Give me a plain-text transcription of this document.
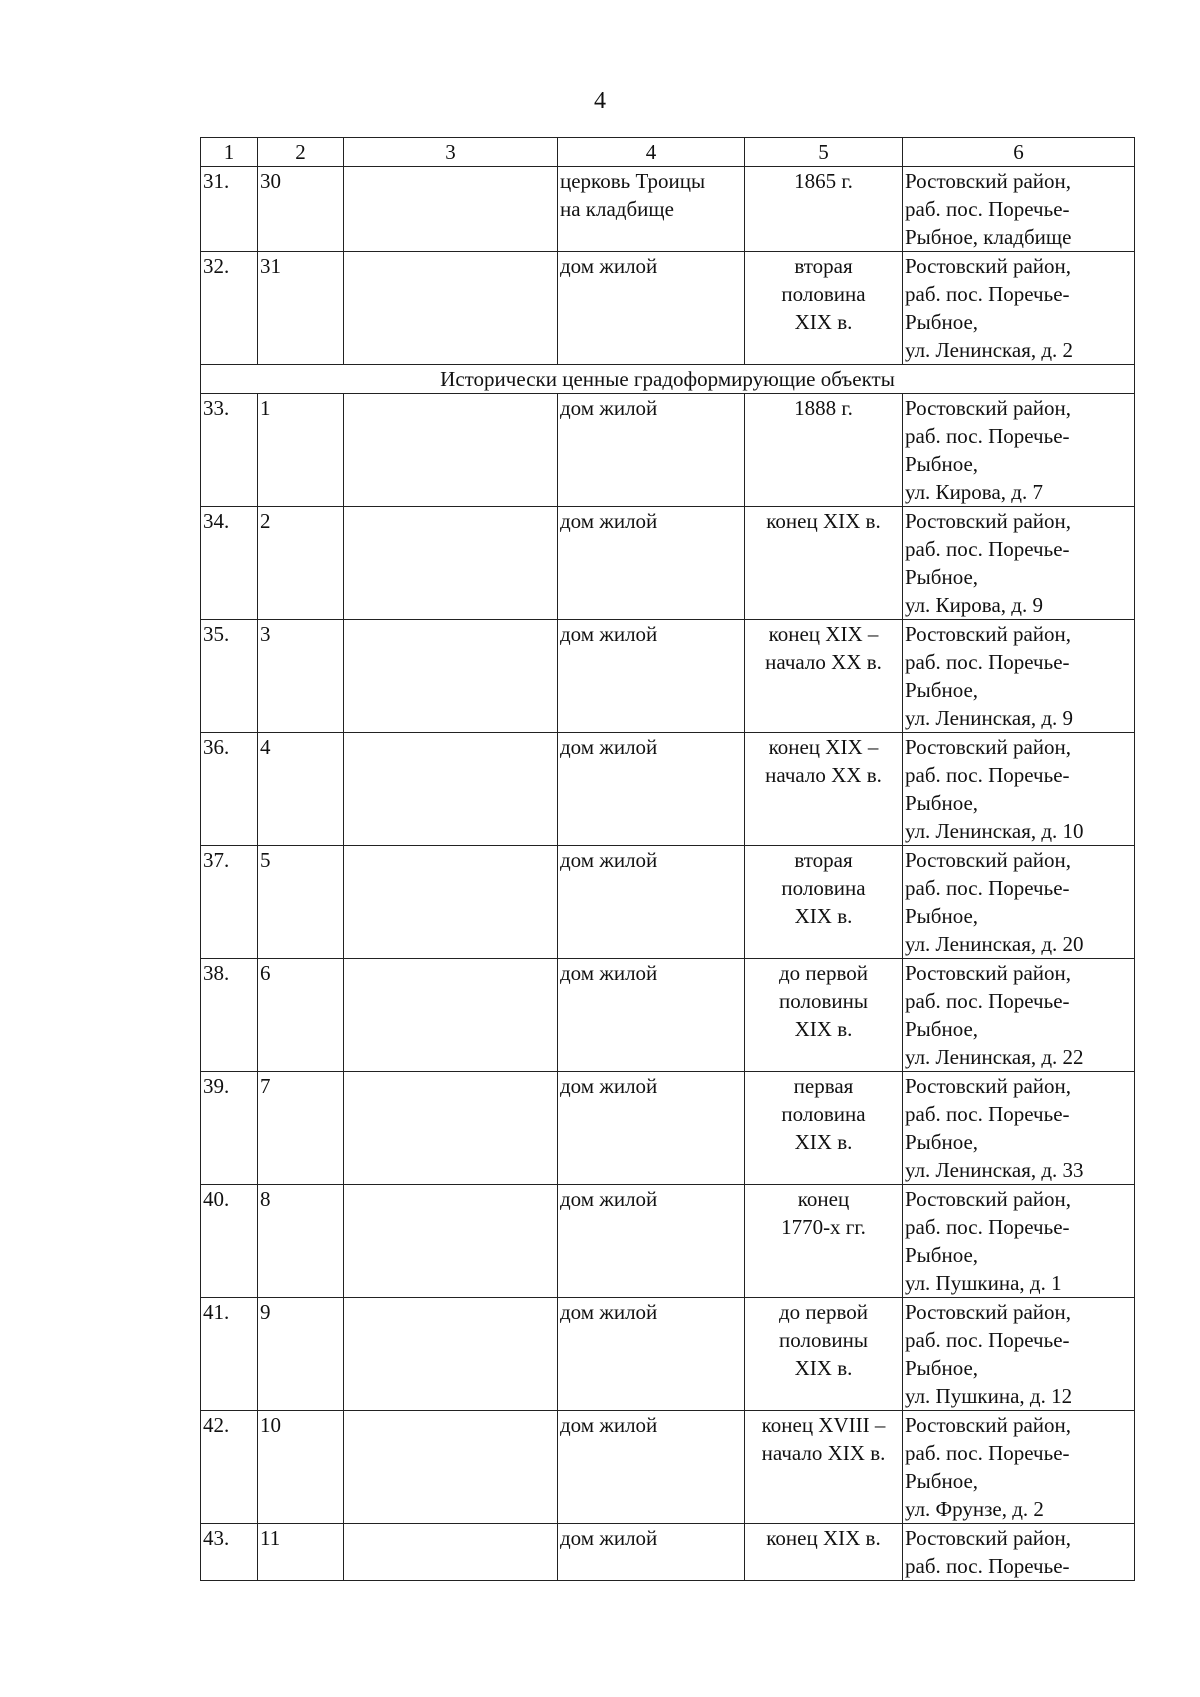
4
1	2	3	4	5	6
31.	30		церковь Троицы
на кладбище	1865 г.	Ростовский район,
раб. пос. Поречье-
Рыбное, кладбище

32.	31		дом жилой	вторая
половина
XIX в.	Ростовский район,
раб. пос. Поречье-
Рыбное,
ул. Ленинская, д. 2

Исторически ценные градоформирующие объекты					
33.	1		дом жилой	1888 г.	Ростовский район,
раб. пос. Поречье-
Рыбное,
ул. Кирова, д. 7

34.	2		дом жилой	конец XIX в.	Ростовский район,
раб. пос. Поречье-
Рыбное,
ул. Кирова, д. 9

35.	3		дом жилой	конец XIX –
начало XX в.	Ростовский район,
раб. пос. Поречье-
Рыбное,
ул. Ленинская, д. 9

36.	4		дом жилой	конец XIX –
начало XX в.	Ростовский район,
раб. пос. Поречье-
Рыбное,
ул. Ленинская, д. 10

37.	5		дом жилой	вторая
половина
XIX в.	Ростовский район,
раб. пос. Поречье-
Рыбное,
ул. Ленинская, д. 20

38.	6		дом жилой	до первой
половины
XIX в.	Ростовский район,
раб. пос. Поречье-
Рыбное,
ул. Ленинская, д. 22

39.	7		дом жилой	первая
половина
XIX в.	Ростовский район,
раб. пос. Поречье-
Рыбное,
ул. Ленинская, д. 33

40.	8		дом жилой	конец
1770-х гг.	Ростовский район,
раб. пос. Поречье-
Рыбное,
ул. Пушкина, д. 1

41.	9		дом жилой	до первой
половины
XIX в.	Ростовский район,
раб. пос. Поречье-
Рыбное,
ул. Пушкина, д. 12

42.	10		дом жилой	конец XVIII –
начало XIX в.	Ростовский район,
раб. пос. Поречье-
Рыбное,
ул. Фрунзе, д. 2

43.	11		дом жилой	конец XIX в.	Ростовский район,
раб. пос. Поречье-
